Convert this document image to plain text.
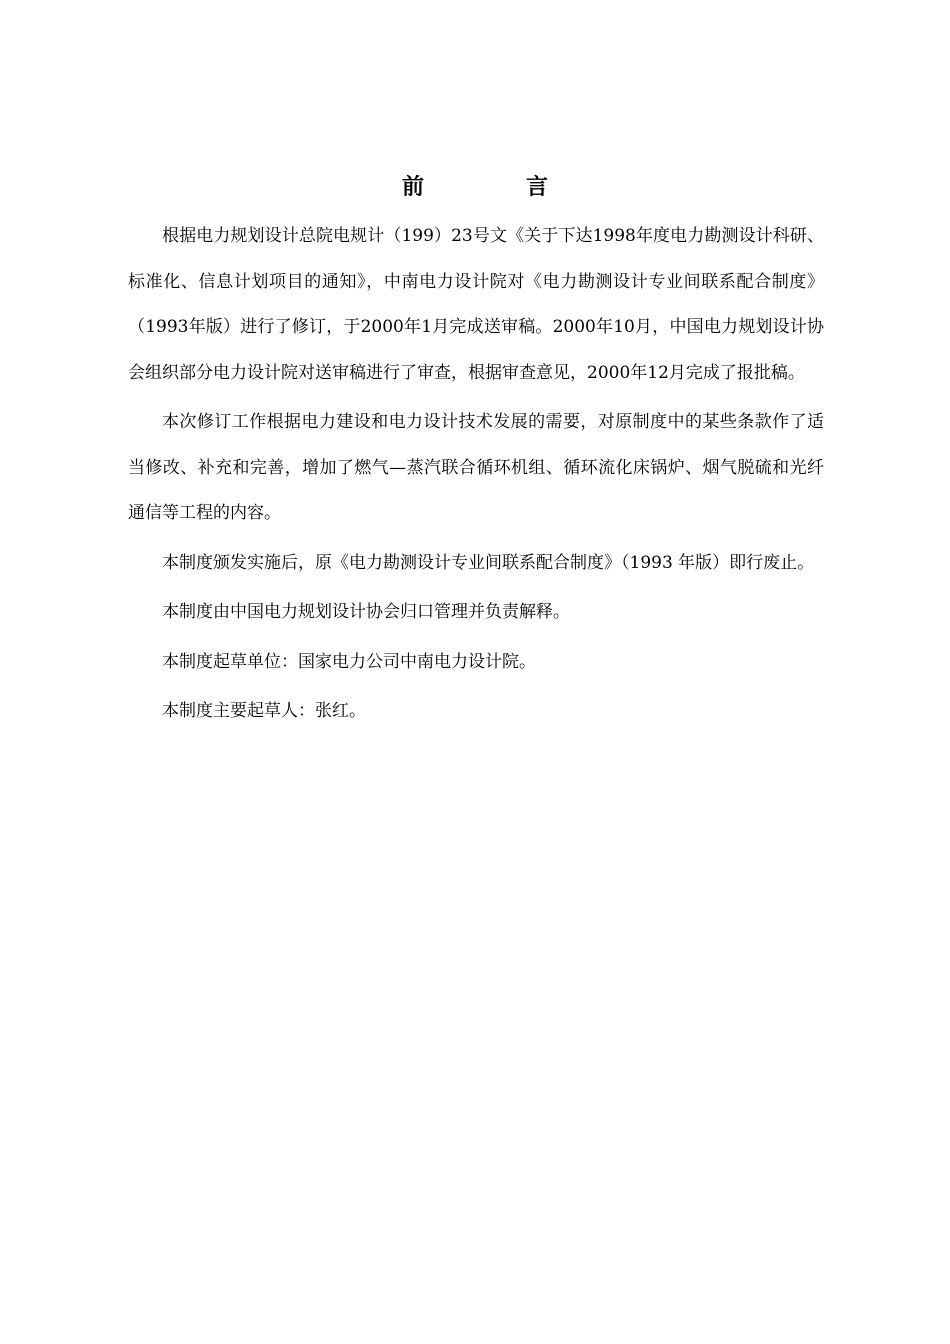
前　言

根据电力规划设计总院电规计（199）23号文《关于下达1998年度电力勘测设计科研、标准化、信息计划项目的通知》，中南电力设计院对《电力勘测设计专业间联系配合制度》（1993年版）进行了修订，于2000年1月完成送审稿。2000年10月，中国电力规划设计协会组织部分电力设计院对送审稿进行了审查，根据审查意见，2000年12月完成了报批稿。

本次修订工作根据电力建设和电力设计技术发展的需要，对原制度中的某些条款作了适当修改、补充和完善，增加了燃气—蒸汽联合循环机组、循环流化床锅炉、烟气脱硫和光纤通信等工程的内容。

本制度颁发实施后，原《电力勘测设计专业间联系配合制度》（1993 年版）即行废止。

本制度由中国电力规划设计协会归口管理并负责解释。

本制度起草单位：国家电力公司中南电力设计院。

本制度主要起草人：张红。
